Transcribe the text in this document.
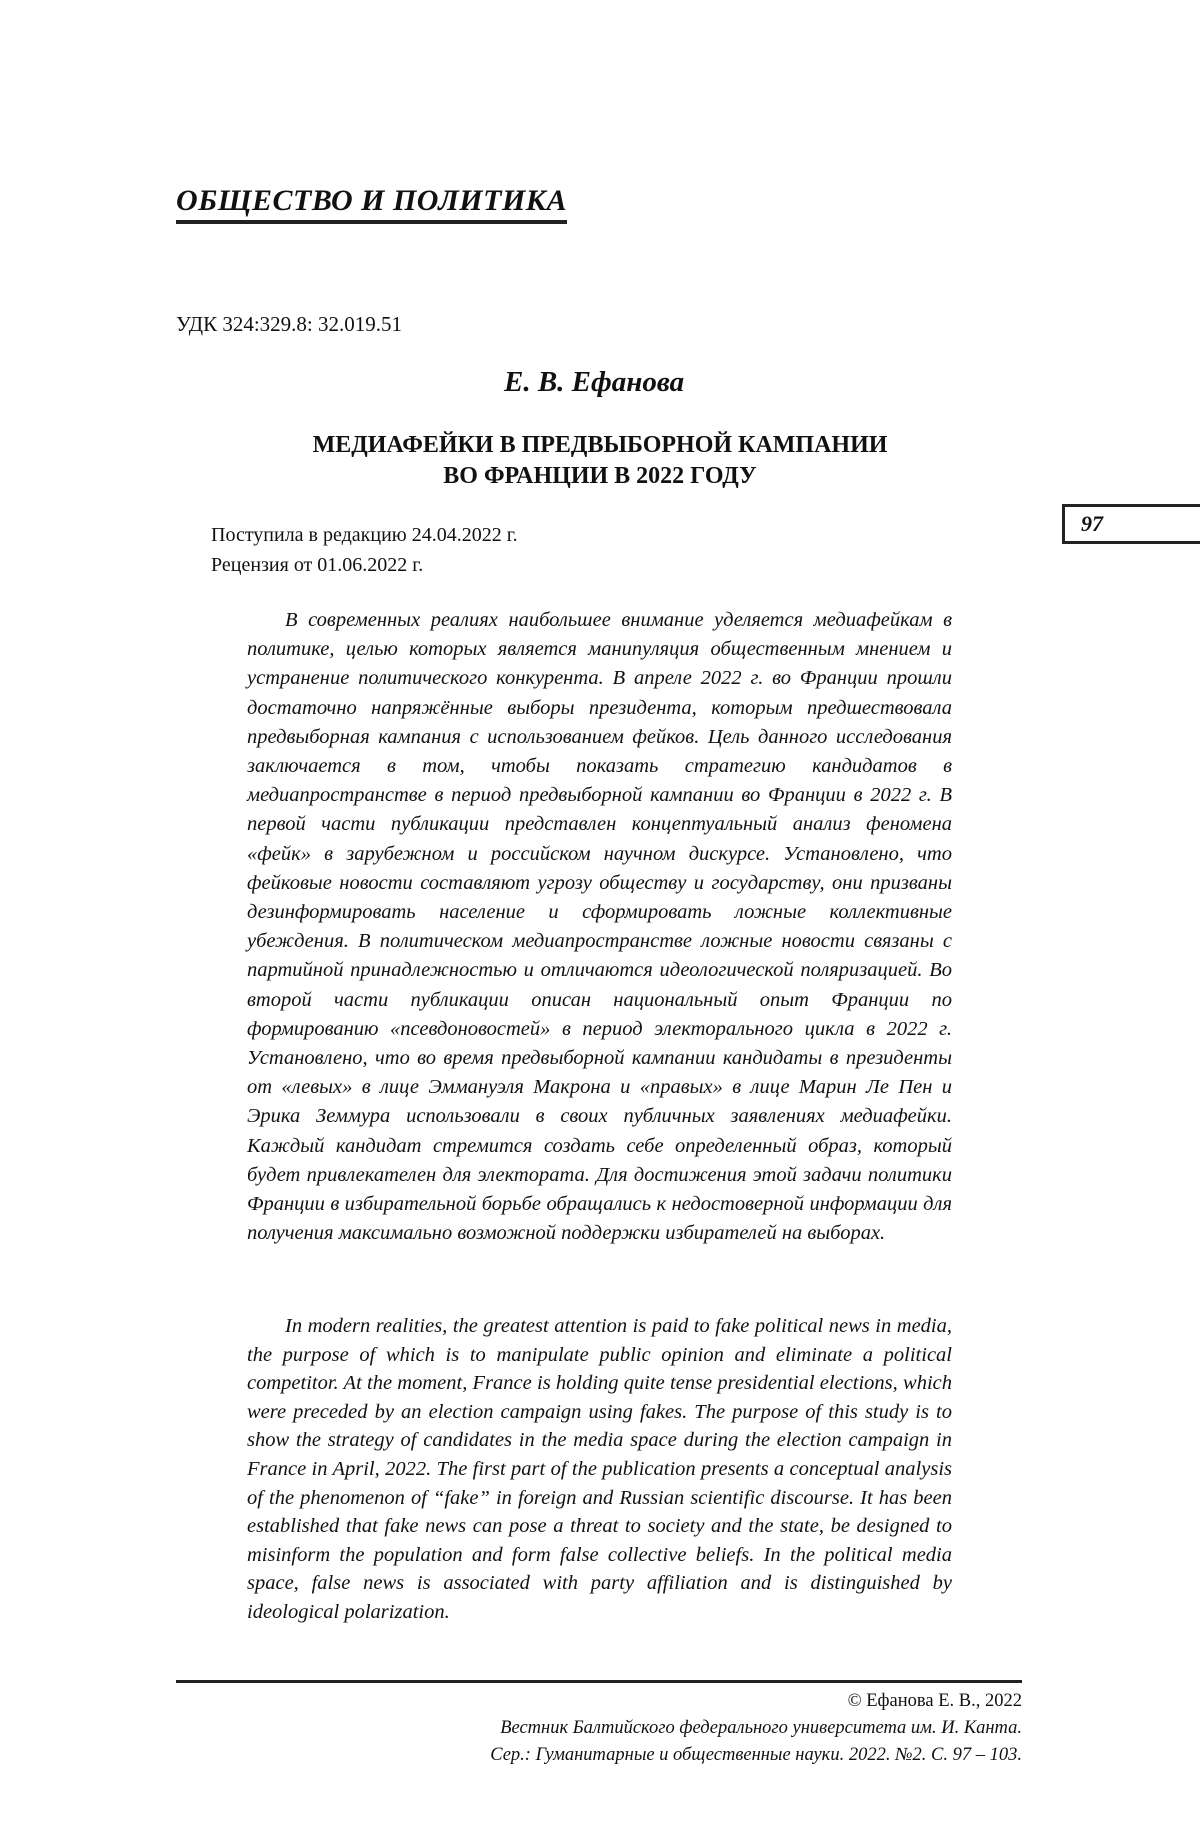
ОБЩЕСТВО И ПОЛИТИКА
УДК 324:329.8: 32.019.51
Е. В. Ефанова
МЕДИАФЕЙКИ В ПРЕДВЫБОРНОЙ КАМПАНИИ
ВО ФРАНЦИИ В 2022 ГОДУ
Поступила в редакцию 24.04.2022 г.
Рецензия от 01.06.2022 г.
97

В современных реалиях наибольшее внимание уделяется медиафейкам в политике, целью которых является манипуляция общественным мнением и устранение политического конкурента. В апреле 2022 г. во Франции прошли достаточно напряжённые выборы президента, которым предшествовала предвыборная кампания с использованием фейков. Цель данного исследования заключается в том, чтобы показать стратегию кандидатов в медиапространстве в период предвыборной кампании во Франции в 2022 г. В первой части публикации представлен концептуальный анализ феномена «фейк» в зарубежном и российском научном дискурсе. Установлено, что фейковые новости составляют угрозу обществу и государству, они призваны дезинформировать население и сформировать ложные коллективные убеждения. В политическом медиапространстве ложные новости связаны с партийной принадлежностью и отличаются идеологической поляризацией. Во второй части публикации описан национальный опыт Франции по формированию «псевдоновостей» в период электорального цикла в 2022 г. Установлено, что во время предвыборной кампании кандидаты в президенты от «левых» в лице Эммануэля Макрона и «правых» в лице Марин Ле Пен и Эрика Земмура использовали в своих публичных заявлениях медиафейки. Каждый кандидат стремится создать себе определенный образ, который будет привлекателен для электората. Для достижения этой задачи политики Франции в избирательной борьбе обращались к недостоверной информации для получения максимально возможной поддержки избирателей на выборах.

In modern realities, the greatest attention is paid to fake political news in media, the purpose of which is to manipulate public opinion and eliminate a political competitor. At the moment, France is holding quite tense presidential elections, which were preceded by an election campaign using fakes. The purpose of this study is to show the strategy of candidates in the media space during the election campaign in France in April, 2022. The first part of the publication presents a conceptual analysis of the phenomenon of “fake” in foreign and Russian scientific discourse. It has been established that fake news can pose a threat to society and the state, be designed to misinform the population and form false collective beliefs. In the political media space, false news is associated with party affiliation and is distinguished by ideological polarization.

© Ефанова Е. В., 2022
Вестник Балтийского федерального университета им. И. Канта.
Сер.: Гуманитарные и общественные науки. 2022. №2. С. 97 – 103.
